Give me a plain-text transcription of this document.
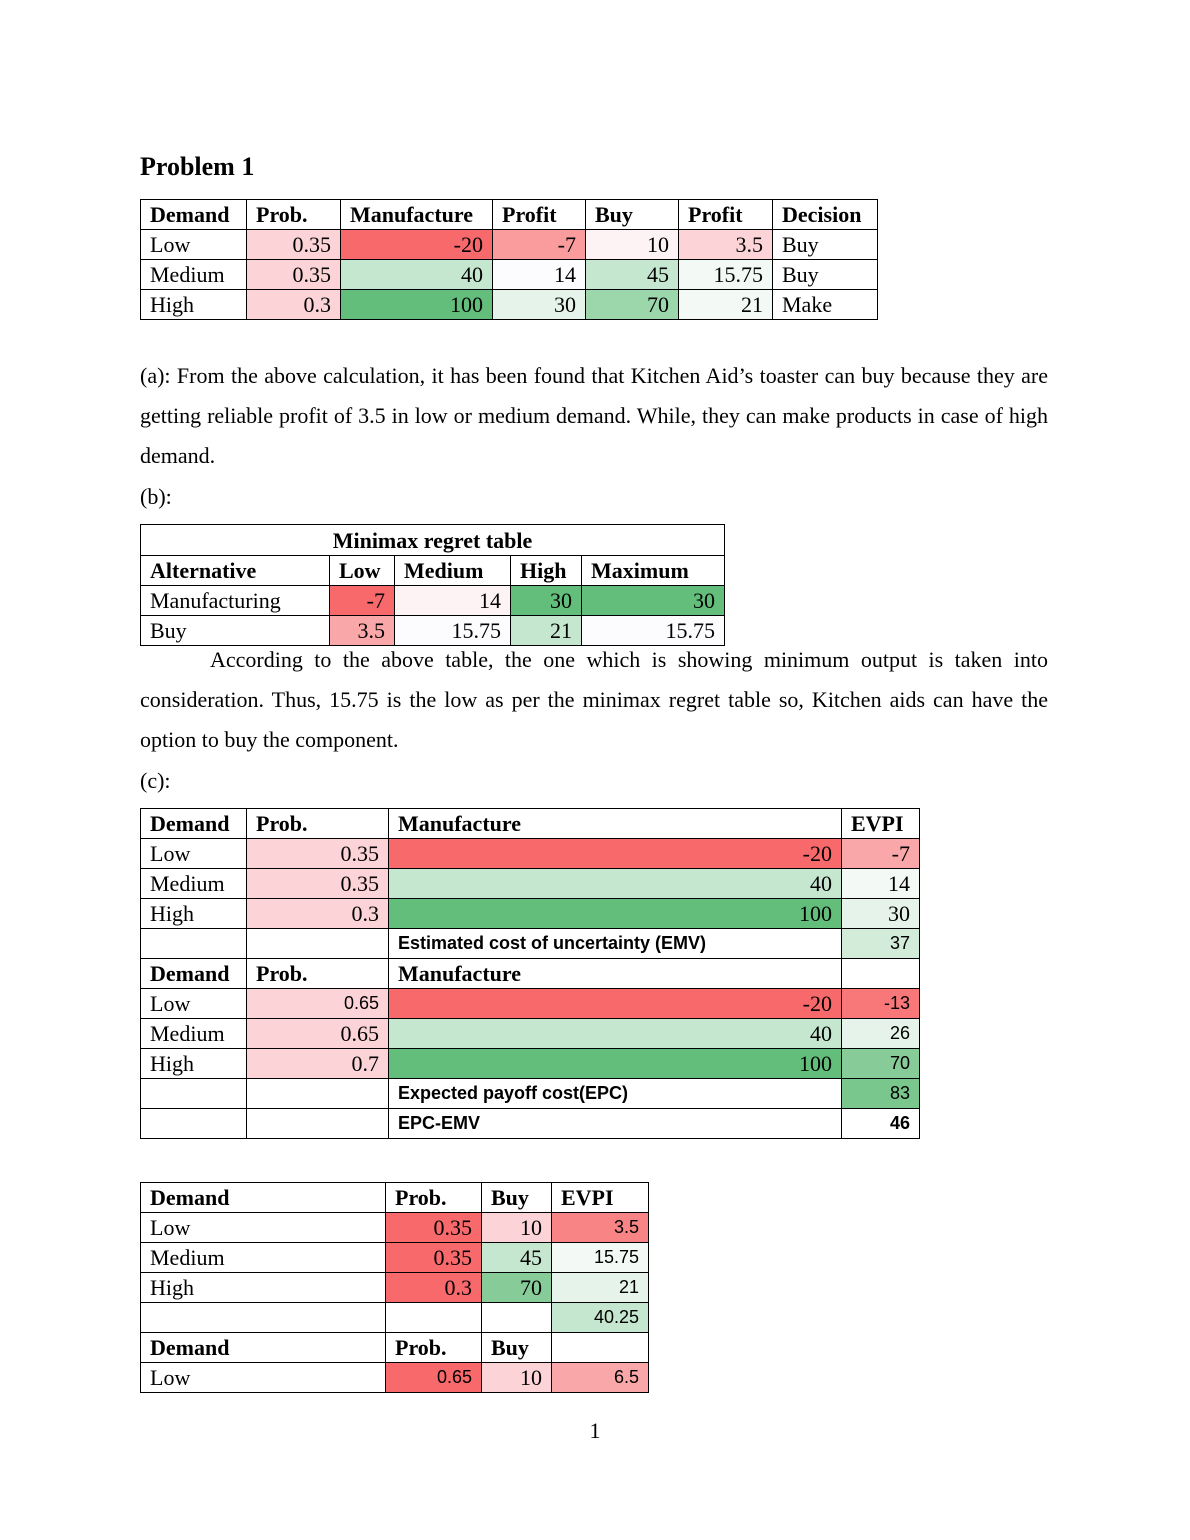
Problem 1
Demand	Prob.	Manufacture	Profit	Buy	Profit	Decision
Low	0.35	-20	-7	10	3.5	Buy
Medium	0.35	40	14	45	15.75	Buy
High	0.3	100	30	70	21	Make

(a): From the above calculation, it has been found that Kitchen Aid’s toaster can buy because they are getting reliable profit of 3.5 in low or medium demand. While, they can make products in case of high demand.

(b):
Minimax regret table				
Alternative	Low	Medium	High	Maximum
Manufacturing	-7	14	30	30
Buy	3.5	15.75	21	15.75

According to the above table, the one which is showing minimum output is taken into consideration. Thus, 15.75 is the low as per the minimax regret table so, Kitchen aids can have the option to buy the component.

(c):
Demand	Prob.	Manufacture	EVPI
Low	0.35	-20	-7
Medium	0.35	40	14
High	0.3	100	30
		Estimated cost of uncertainty (EMV)	37
Demand	Prob.	Manufacture	
Low	0.65	-20	-13
Medium	0.65	40	26
High	0.7	100	70
		Expected payoff cost(EPC)	83
		EPC-EMV	46
Demand	Prob.	Buy	EVPI
Low	0.35	10	3.5
Medium	0.35	45	15.75
High	0.3	70	21
			40.25
Demand	Prob.	Buy	
Low	0.65	10	6.5
1
